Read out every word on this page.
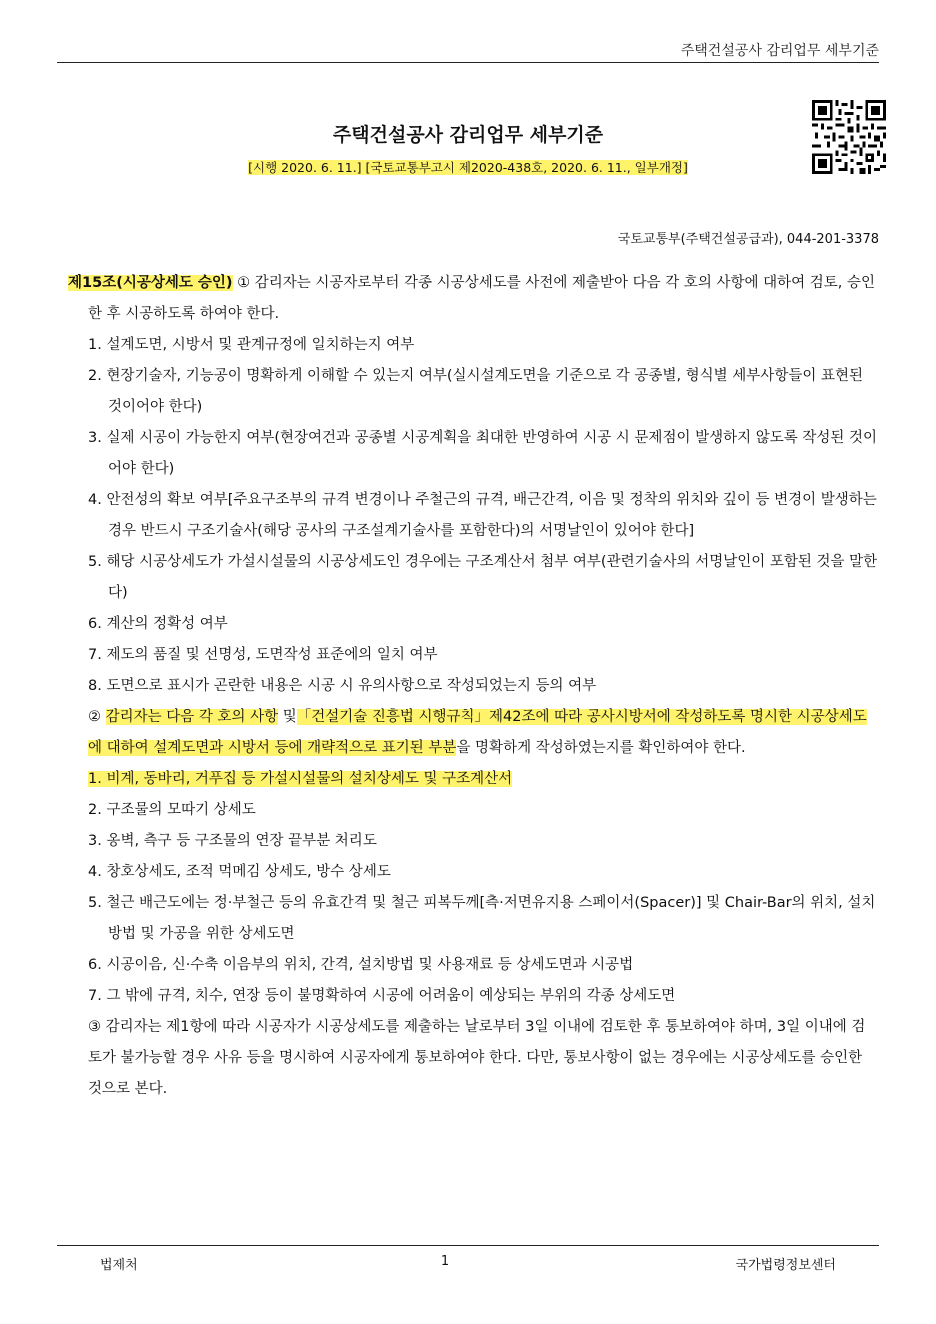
주택건설공사 감리업무 세부기준
주택건설공사 감리업무 세부기준
[시행 2020. 6. 11.] [국토교통부고시 제2020-438호, 2020. 6. 11., 일부개정]
국토교통부(주택건설공급과), 044-201-3378

제15조(시공상세도 승인) ① 감리자는 시공자로부터 각종 시공상세도를 사전에 제출받아 다음 각 호의 사항에 대하여 검토, 승인한 후 시공하도록 하여야 한다.

1. 설계도면, 시방서 및 관계규정에 일치하는지 여부

2. 현장기술자, 기능공이 명확하게 이해할 수 있는지 여부(실시설계도면을 기준으로 각 공종별, 형식별 세부사항들이 표현된 것이어야 한다)

3. 실제 시공이 가능한지 여부(현장여건과 공종별 시공계획을 최대한 반영하여 시공 시 문제점이 발생하지 않도록 작성된 것이어야 한다)

4. 안전성의 확보 여부[주요구조부의 규격 변경이나 주철근의 규격, 배근간격, 이음 및 정착의 위치와 깊이 등 변경이 발생하는 경우 반드시 구조기술사(해당 공사의 구조설계기술사를 포함한다)의 서명날인이 있어야 한다]

5. 해당 시공상세도가 가설시설물의 시공상세도인 경우에는 구조계산서 첨부 여부(관련기술사의 서명날인이 포함된 것을 말한다)

6. 계산의 정확성 여부

7. 제도의 품질 및 선명성, 도면작성 표준에의 일치 여부

8. 도면으로 표시가 곤란한 내용은 시공 시 유의사항으로 작성되었는지 등의 여부

② 감리자는 다음 각 호의 사항 및「건설기술 진흥법 시행규칙」제42조에 따라 공사시방서에 작성하도록 명시한 시공상세도에 대하여 설계도면과 시방서 등에 개략적으로 표기된 부분을 명확하게 작성하였는지를 확인하여야 한다.

1. 비계, 동바리, 거푸집 등 가설시설물의 설치상세도 및 구조계산서

2. 구조물의 모따기 상세도

3. 옹벽, 측구 등 구조물의 연장 끝부분 처리도

4. 창호상세도, 조적 먹메김 상세도, 방수 상세도

5. 철근 배근도에는 정·부철근 등의 유효간격 및 철근 피복두께[측·저면유지용 스페이서(Spacer)] 및 Chair-Bar의 위치, 설치방법 및 가공을 위한 상세도면

6. 시공이음, 신·수축 이음부의 위치, 간격, 설치방법 및 사용재료 등 상세도면과 시공법

7. 그 밖에 규격, 치수, 연장 등이 불명확하여 시공에 어려움이 예상되는 부위의 각종 상세도면

③ 감리자는 제1항에 따라 시공자가 시공상세도를 제출하는 날로부터 3일 이내에 검토한 후 통보하여야 하며, 3일 이내에 검토가 불가능할 경우 사유 등을 명시하여 시공자에게 통보하여야 한다. 다만, 통보사항이 없는 경우에는 시공상세도를 승인한 것으로 본다.

법제처	1	국가법령정보센터
